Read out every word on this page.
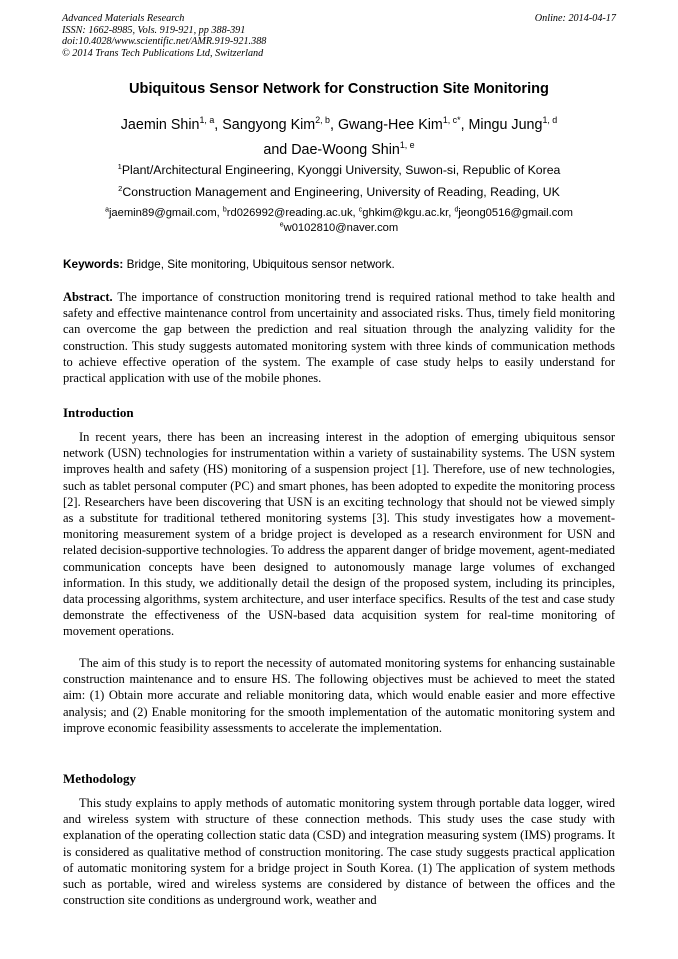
Advanced Materials Research
ISSN: 1662-8985, Vols. 919-921, pp 388-391
doi:10.4028/www.scientific.net/AMR.919-921.388
© 2014 Trans Tech Publications Ltd, Switzerland
Online: 2014-04-17
Ubiquitous Sensor Network for Construction Site Monitoring
Jaemin Shin$^{1, a}$, Sangyong Kim$^{2, b}$, Gwang-Hee Kim$^{1, c*}$, Mingu Jung$^{1, d}$
and Dae-Woong Shin$^{1, e}$
$^1$Plant/Architectural Engineering, Kyonggi University, Suwon-si, Republic of Korea
$^2$Construction Management and Engineering, University of Reading, Reading, UK
$^a$jaemin89@gmail.com, $^b$rd026992@reading.ac.uk, $^c$ghkim@kgu.ac.kr, $^d$jeong0516@gmail.com
$^e$w0102810@naver.com
Keywords: Bridge, Site monitoring, Ubiquitous sensor network.

Abstract. The importance of construction monitoring trend is required rational method to take health and safety and effective maintenance control from uncertainity and associated risks. Thus, timely field monitoring can overcome the gap between the prediction and real situation through the analyzing validity for the construction. This study suggests automated monitoring system with three kinds of communication methods to achieve effective operation of the system. The example of case study helps to easily understand for practical application with use of the mobile phones.

Introduction

In recent years, there has been an increasing interest in the adoption of emerging ubiquitous sensor network (USN) technologies for instrumentation within a variety of sustainability systems. The USN system improves health and safety (HS) monitoring of a suspension project [1]. Therefore, use of new technologies, such as tablet personal computer (PC) and smart phones, has been adopted to expedite the monitoring process [2]. Researchers have been discovering that USN is an exciting technology that should not be viewed simply as a substitute for traditional tethered monitoring systems [3]. This study investigates how a movement-monitoring measurement system of a bridge project is developed as a research environment for USN and related decision-supportive technologies. To address the apparent danger of bridge movement, agent-mediated communication concepts have been designed to autonomously manage large volumes of exchanged information. In this study, we additionally detail the design of the proposed system, including its principles, data processing algorithms, system architecture, and user interface specifics. Results of the test and case study demonstrate the effectiveness of the USN-based data acquisition system for real-time monitoring of movement operations.

The aim of this study is to report the necessity of automated monitoring systems for enhancing sustainable construction maintenance and to ensure HS. The following objectives must be achieved to meet the stated aim: (1) Obtain more accurate and reliable monitoring data, which would enable easier and more effective analysis; and (2) Enable monitoring for the smooth implementation of the automatic monitoring system and improve economic feasibility assessments to accelerate the implementation.

Methodology

This study explains to apply methods of automatic monitoring system through portable data logger, wired and wireless system with structure of these connection methods. This study uses the case study with explanation of the operating collection static data (CSD) and integration measuring system (IMS) programs. It is considered as qualitative method of construction monitoring. The case study suggests practical application of automatic monitoring system for a bridge project in South Korea. (1) The application of system methods such as portable, wired and wireless systems are considered by distance of between the offices and the construction site conditions as underground work, weather and
